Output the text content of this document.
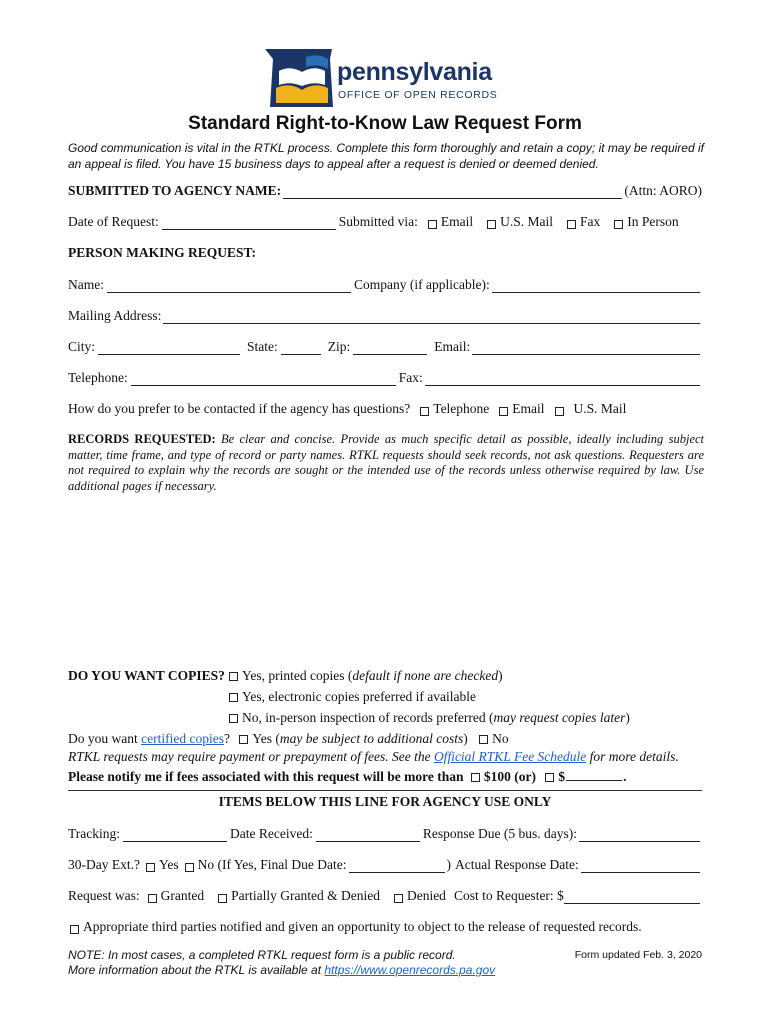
pennsylvania
OFFICE OF OPEN RECORDS
Standard Right-to-Know Law Request Form
Good communication is vital in the RTKL process. Complete this form thoroughly and retain a copy; it may be required if an appeal is filed. You have 15 business days to appeal after a request is denied or deemed denied.
SUBMITTED TO AGENCY NAME:	(Attn: AORO)
Date of Request:	Submitted via: Email U.S. Mail Fax In Person
PERSON MAKING REQUEST:
Name:	Company (if applicable):
Mailing Address:
City:	State:	Zip:	Email:
Telephone:	Fax:
How do you prefer to be contacted if the agency has questions? Telephone Email U.S. Mail
RECORDS REQUESTED: Be clear and concise. Provide as much specific detail as possible, ideally including subject matter, time frame, and type of record or party names. RTKL requests should seek records, not ask questions. Requesters are not required to explain why the records are sought or the intended use of the records unless otherwise required by law. Use additional pages if necessary.
DO YOU WANT COPIES?	Yes, printed copies (default if none are checked)
Yes, electronic copies preferred if available
No, in-person inspection of records preferred (may request copies later)
Do you want certified copies? Yes (may be subject to additional costs) No
RTKL requests may require payment or prepayment of fees. See the Official RTKL Fee Schedule for more details.
Please notify me if fees associated with this request will be more than $100 (or) $	.
ITEMS BELOW THIS LINE FOR AGENCY USE ONLY
Tracking:	Date Received:	Response Due (5 bus. days):
30-Day Ext.? Yes No (If Yes, Final Due Date:	) Actual Response Date:
Request was: Granted Partially Granted & Denied Denied Cost to Requester: $
Appropriate third parties notified and given an opportunity to object to the release of requested records.
NOTE: In most cases, a completed RTKL request form is a public record.
More information about the RTKL is available at https://www.openrecords.pa.gov
Form updated Feb. 3, 2020
